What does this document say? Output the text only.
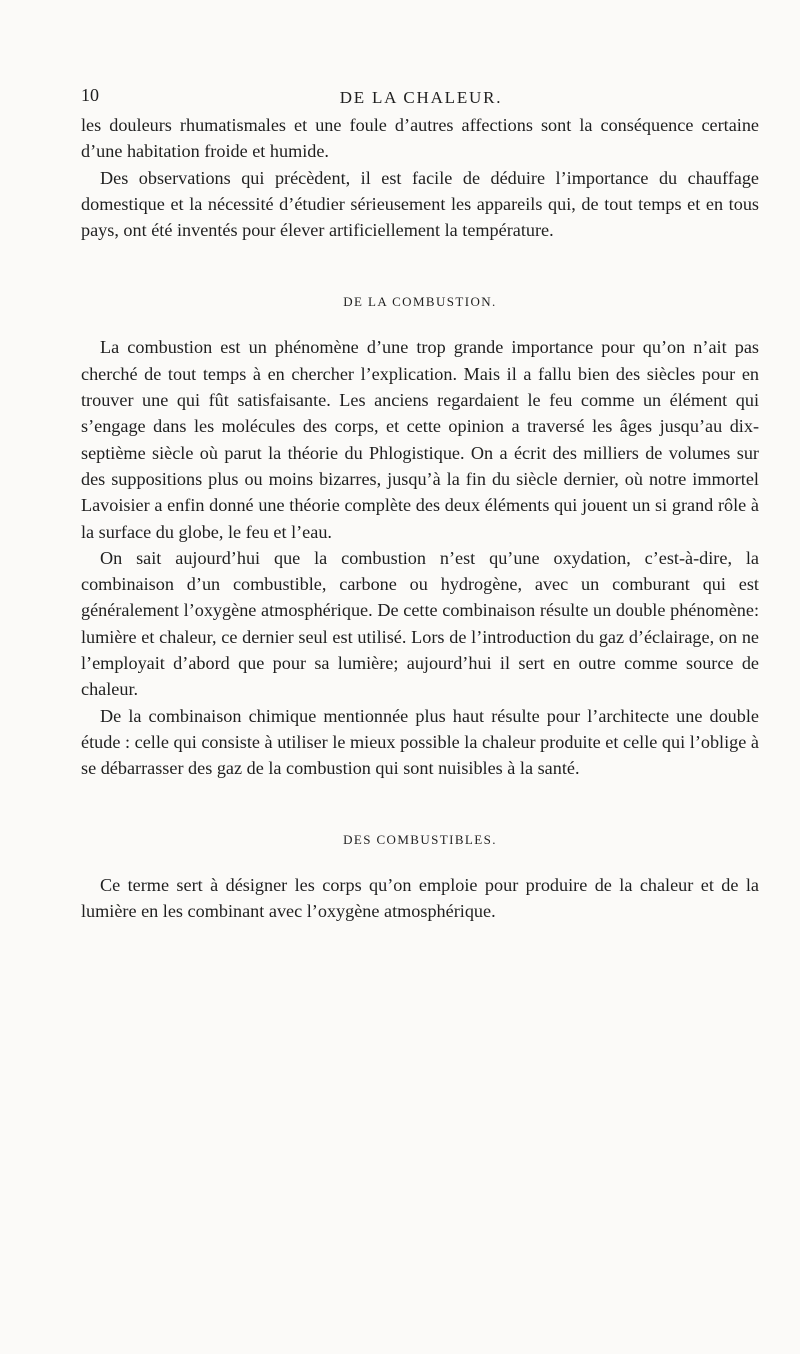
10	DE LA CHALEUR.

les douleurs rhumatismales et une foule d’autres affections sont la conséquence certaine d’une habitation froide et humide.

Des observations qui précèdent, il est facile de déduire l’importance du chauffage domestique et la nécessité d’étudier sérieusement les appareils qui, de tout temps et en tous pays, ont été inventés pour élever artificiellement la température.

DE LA COMBUSTION.

La combustion est un phénomène d’une trop grande importance pour qu’on n’ait pas cherché de tout temps à en chercher l’explication. Mais il a fallu bien des siècles pour en trouver une qui fût satisfaisante. Les anciens regardaient le feu comme un élément qui s’engage dans les molécules des corps, et cette opinion a traversé les âges jusqu’au dix-septième siècle où parut la théorie du Phlogistique. On a écrit des milliers de volumes sur des suppositions plus ou moins bizarres, jusqu’à la fin du siècle dernier, où notre immortel Lavoisier a enfin donné une théorie complète des deux éléments qui jouent un si grand rôle à la surface du globe, le feu et l’eau.

On sait aujourd’hui que la combustion n’est qu’une oxydation, c’est-à-dire, la combinaison d’un combustible, carbone ou hydrogène, avec un comburant qui est généralement l’oxygène atmosphérique. De cette combinaison résulte un double phénomène: lumière et chaleur, ce dernier seul est utilisé. Lors de l’introduction du gaz d’éclairage, on ne l’employait d’abord que pour sa lumière; aujourd’hui il sert en outre comme source de chaleur.

De la combinaison chimique mentionnée plus haut résulte pour l’architecte une double étude : celle qui consiste à utiliser le mieux possible la chaleur produite et celle qui l’oblige à se débarrasser des gaz de la combustion qui sont nuisibles à la santé.

DES COMBUSTIBLES.

Ce terme sert à désigner les corps qu’on emploie pour produire de la chaleur et de la lumière en les combinant avec l’oxygène atmosphérique.
